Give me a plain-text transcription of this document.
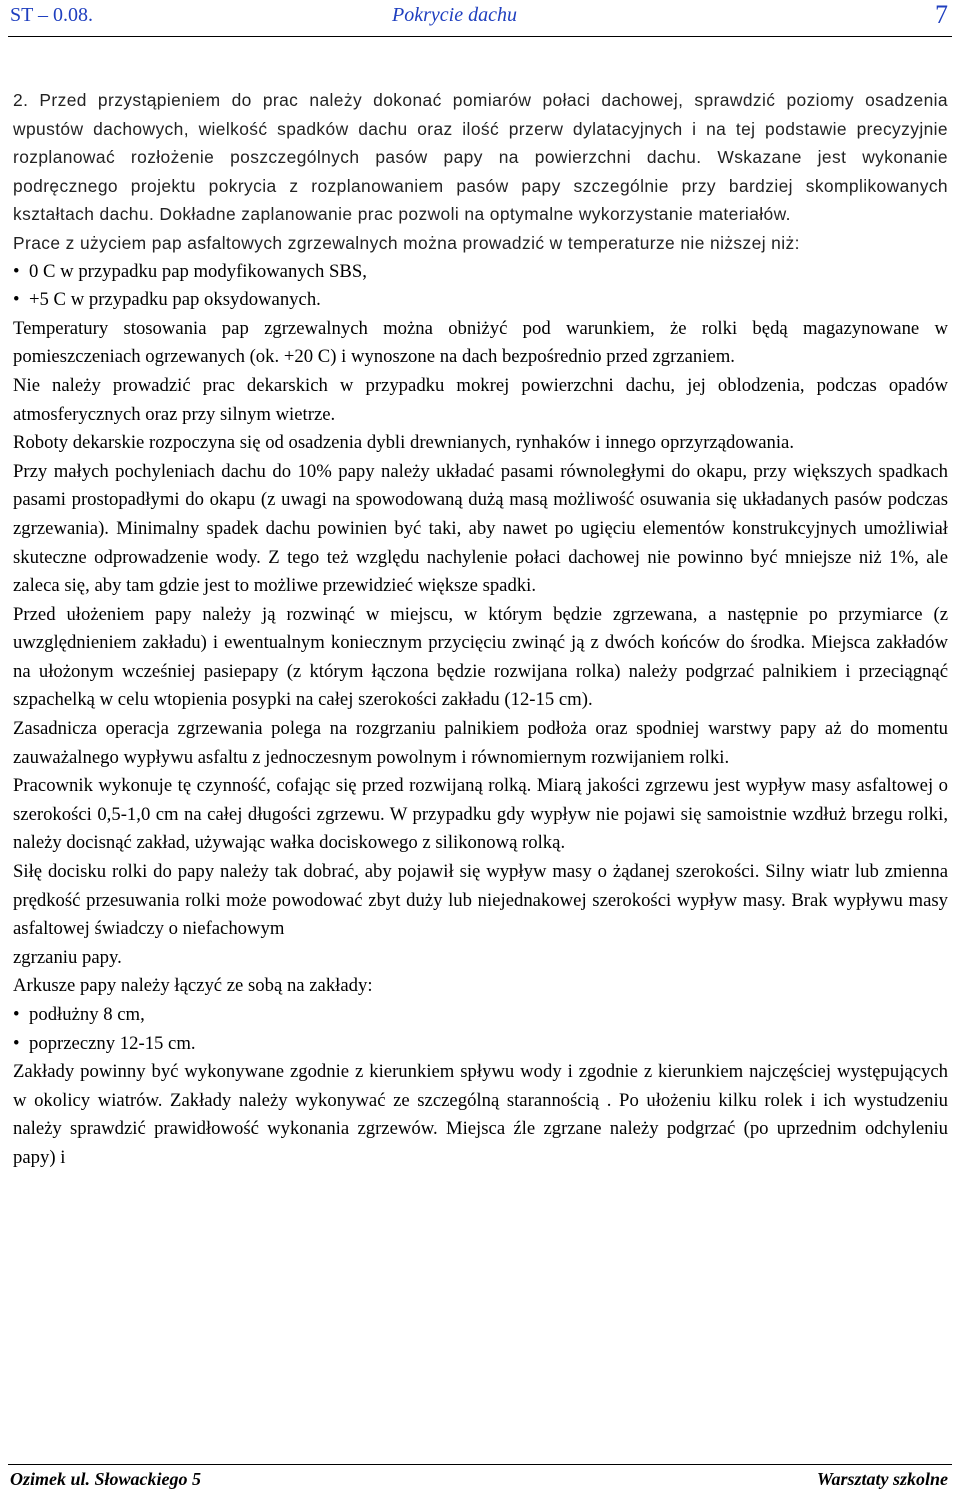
ST – 0.08.	Pokrycie dachu	7

2. Przed przystąpieniem do prac należy dokonać pomiarów połaci dachowej, sprawdzić poziomy osadzenia wpustów dachowych, wielkość spadków dachu oraz ilość przerw dylatacyjnych i na tej podstawie precyzyjnie rozplanować rozłożenie poszczególnych pasów papy na powierzchni dachu. Wskazane jest wykonanie podręcznego projektu pokrycia z rozplanowaniem pasów papy szczególnie przy bardziej skomplikowanych kształtach dachu. Dokładne zaplanowanie prac pozwoli na optymalne wykorzystanie materiałów.

Prace z użyciem pap asfaltowych zgrzewalnych można prowadzić w temperaturze nie niższej niż:

• 0 C w przypadku pap modyfikowanych SBS,
• +5 C w przypadku pap oksydowanych.

Temperatury stosowania pap zgrzewalnych można obniżyć pod warunkiem, że rolki będą magazynowane w pomieszczeniach ogrzewanych (ok. +20 C) i wynoszone na dach bezpośrednio przed zgrzaniem.

Nie należy prowadzić prac dekarskich w przypadku mokrej powierzchni dachu, jej oblodzenia, podczas opadów atmosferycznych oraz przy silnym wietrze.

Roboty dekarskie rozpoczyna się od osadzenia dybli drewnianych, rynhaków i innego oprzyrządowania.

Przy małych pochyleniach dachu do 10% papy należy układać pasami równoległymi do okapu, przy większych spadkach pasami prostopadłymi do okapu (z uwagi na spowodowaną dużą masą możliwość osuwania się układanych pasów podczas zgrzewania). Minimalny spadek dachu powinien być taki, aby nawet po ugięciu elementów konstrukcyjnych umożliwiał skuteczne odprowadzenie wody. Z tego też względu nachylenie połaci dachowej nie powinno być mniejsze niż 1%, ale zaleca się, aby tam gdzie jest to możliwe przewidzieć większe spadki.

Przed ułożeniem papy należy ją rozwinąć w miejscu, w którym będzie zgrzewana, a następnie po przymiarce (z uwzględnieniem zakładu) i ewentualnym koniecznym przycięciu zwinąć ją z dwóch końców do środka. Miejsca zakładów na ułożonym wcześniej pasiepapy (z którym łączona będzie rozwijana rolka) należy podgrzać palnikiem i przeciągnąć szpachelką w celu wtopienia posypki na całej szerokości zakładu (12-15 cm).

Zasadnicza operacja zgrzewania polega na rozgrzaniu palnikiem podłoża oraz spodniej warstwy papy aż do momentu zauważalnego wypływu asfaltu z jednoczesnym powolnym i równomiernym rozwijaniem rolki.

Pracownik wykonuje tę czynność, cofając się przed rozwijaną rolką. Miarą jakości zgrzewu jest wypływ masy asfaltowej o szerokości 0,5-1,0 cm na całej długości zgrzewu. W przypadku gdy wypływ nie pojawi się samoistnie wzdłuż brzegu rolki, należy docisnąć zakład, używając wałka dociskowego z silikonową rolką.

Siłę docisku rolki do papy należy tak dobrać, aby pojawił się wypływ masy o żądanej szerokości. Silny wiatr lub zmienna prędkość przesuwania rolki może powodować zbyt duży lub niejednakowej szerokości wypływ masy. Brak wypływu masy asfaltowej świadczy o niefachowym

zgrzaniu papy.

Arkusze papy należy łączyć ze sobą na zakłady:

• podłużny 8 cm,
• poprzeczny 12-15 cm.

Zakłady powinny być wykonywane zgodnie z kierunkiem spływu wody i zgodnie z kierunkiem najczęściej występujących w okolicy wiatrów. Zakłady należy wykonywać ze szczególną starannością . Po ułożeniu kilku rolek i ich wystudzeniu należy sprawdzić prawidłowość wykonania zgrzewów. Miejsca źle zgrzane należy podgrzać (po uprzednim odchyleniu papy) i

Ozimek ul. Słowackiego 5	Warsztaty szkolne
